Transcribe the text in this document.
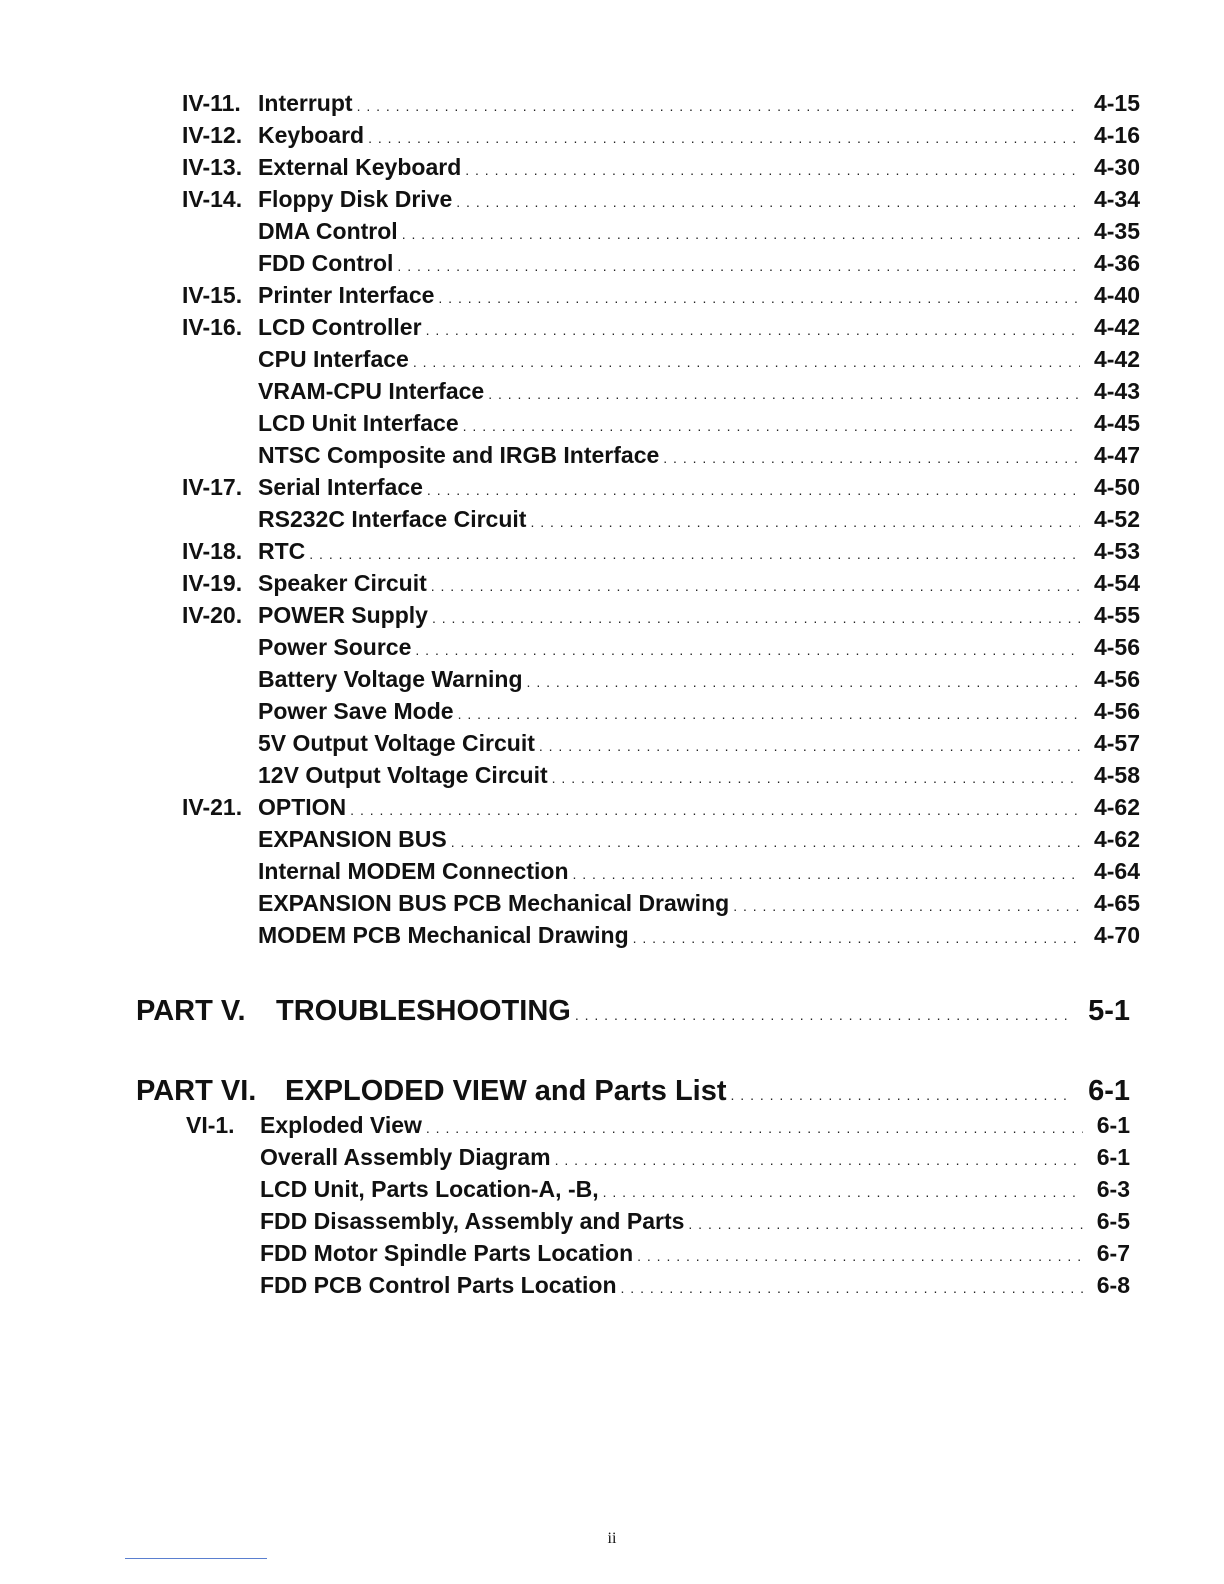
IV-11. Interrupt . . .	4-15
IV-12. Keyboard . . .	4-16
IV-13. External Keyboard . . .	4-30
IV-14. Floppy Disk Drive . . .	4-34
DMA Control . . .	4-35
FDD Control . . .	4-36
IV-15. Printer Interface . . .	4-40
IV-16. LCD Controller . . .	4-42
CPU Interface . . .	4-42
VRAM-CPU Interface . . .	4-43
LCD Unit Interface . . .	4-45
NTSC Composite and IRGB Interface . . .	4-47
IV-17. Serial Interface . . .	4-50
RS232C Interface Circuit . . .	4-52
IV-18. RTC . . .	4-53
IV-19. Speaker Circuit . . .	4-54
IV-20. POWER Supply . . .	4-55
Power Source . . .	4-56
Battery Voltage Warning . . .	4-56
Power Save Mode . . .	4-56
5V Output Voltage Circuit . . .	4-57
12V Output Voltage Circuit . . .	4-58
IV-21. OPTION . . .	4-62
EXPANSION BUS . . .	4-62
Internal MODEM Connection . . .	4-64
EXPANSION BUS PCB Mechanical Drawing . . .	4-65
MODEM PCB Mechanical Drawing . . .	4-70
PART V. TROUBLESHOOTING . . .	5-1
PART VI. EXPLODED VIEW and Parts List . . .	6-1
VI-1. Exploded View . . .	6-1
Overall Assembly Diagram . . .	6-1
LCD Unit, Parts Location-A, -B, . . .	6-3
FDD Disassembly, Assembly and Parts . . .	6-5
FDD Motor Spindle Parts Location . . .	6-7
FDD PCB Control Parts Location . . .	6-8
ii
